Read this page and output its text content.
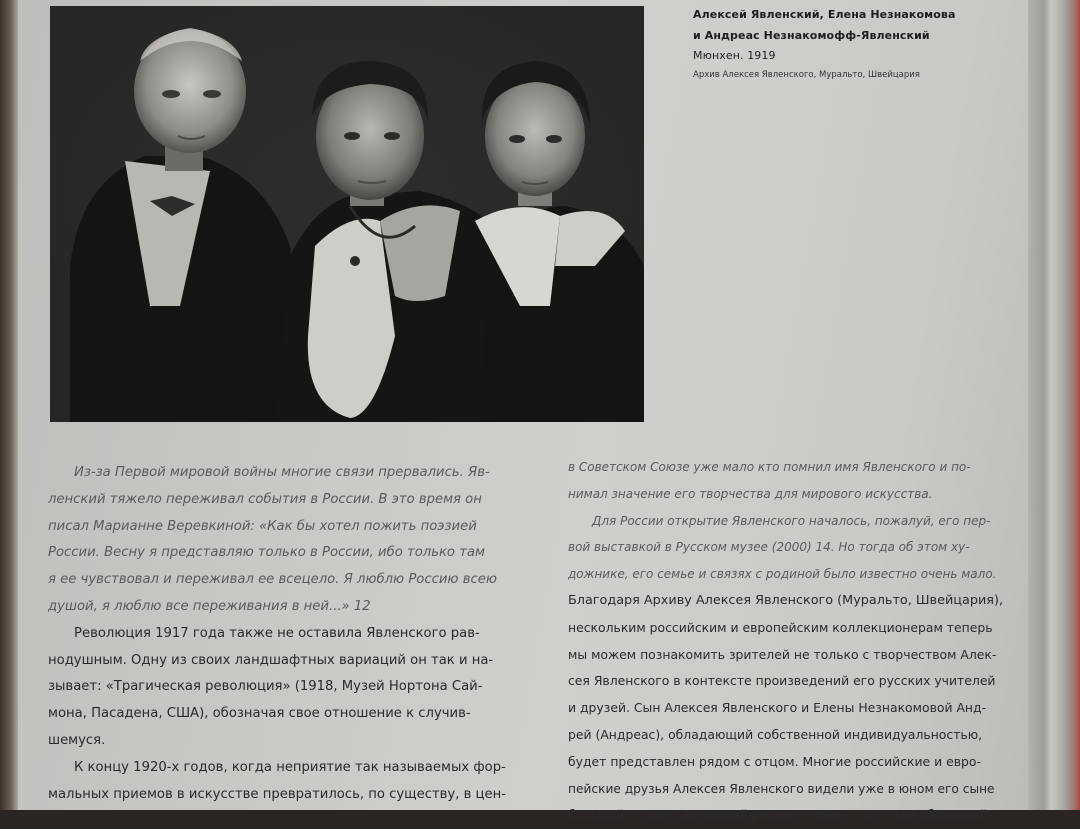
Алексей Явленский, Елена Незнакомова
и Андреас Незнакомофф-Явленский
Мюнхен. 1919
Архив Алексея Явленского, Муральто, Швейцария

Из-за Первой мировой войны многие связи прервались. Яв-

ленский тяжело переживал события в России. В это время он

писал Марианне Веревкиной: «Как бы хотел пожить поэзией

России. Весну я представляю только в России, ибо только там

я ее чувствовал и переживал ее всецело. Я люблю Россию всею

душой, я люблю все переживания в ней...» 12

Революция 1917 года также не оставила Явленского рав-

нодушным. Одну из своих ландшафтных вариаций он так и на-

зывает: «Трагическая революция» (1918, Музей Нортона Сай-

мона, Пасадена, США), обозначая свое отношение к случив-

шемуся.

К концу 1920-х годов, когда неприятие так называемых фор-

мальных приемов в искусстве превратилось, по существу, в цен-

в Советском Союзе уже мало кто помнил имя Явленского и по-

нимал значение его творчества для мирового искусства.

Для России открытие Явленского началось, пожалуй, его пер-

вой выставкой в Русском музее (2000) 14. Но тогда об этом ху-

дожнике, его семье и связях с родиной было известно очень мало.

Благодаря Архиву Алексея Явленского (Муральто, Швейцария),

нескольким российским и европейским коллекционерам теперь

мы можем познакомить зрителей не только с творчеством Алек-

сея Явленского в контексте произведений его русских учителей

и друзей. Сын Алексея Явленского и Елены Незнакомовой Анд-

рей (Андреас), обладающий собственной индивидуальностью,

будет представлен рядом с отцом. Многие российские и евро-

пейские друзья Алексея Явленского видели уже в юном его сыне

большой талант. Выросший рядом с отцом, с детства общавший-
